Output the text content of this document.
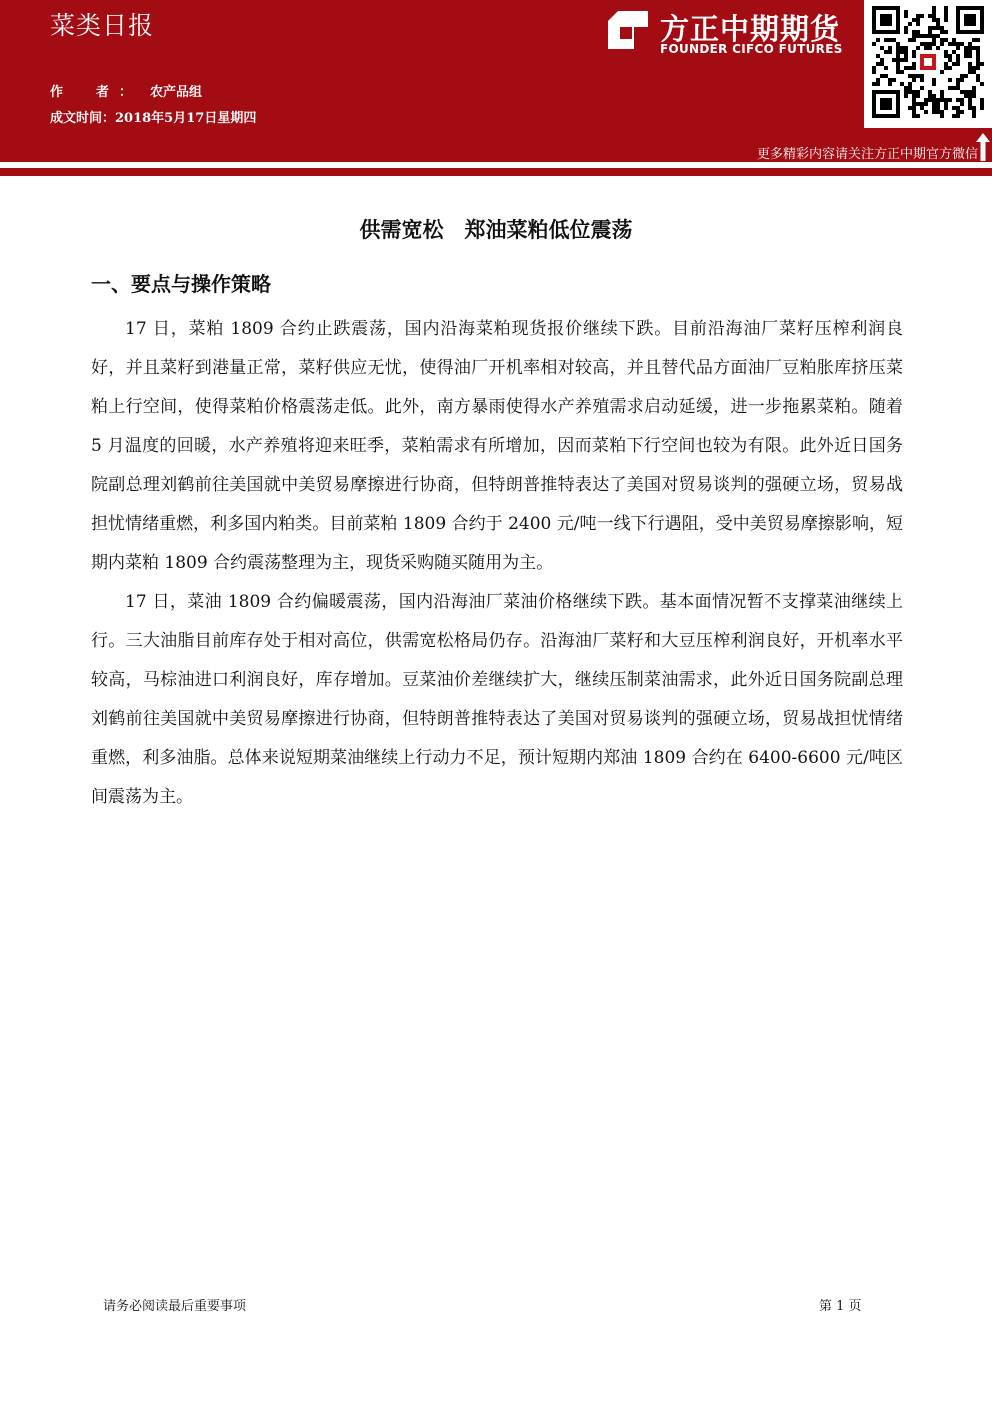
菜类日报
作　者： 农产品组
成文时间：2018年5月17日星期四
方正中期期货
FOUNDER CIFCO FUTURES
更多精彩内容请关注方正中期官方微信
供需宽松　郑油菜粕低位震荡
一、要点与操作策略

17 日，菜粕 1809 合约止跌震荡，国内沿海菜粕现货报价继续下跌。目前沿海油厂菜籽压榨利润良好，并且菜籽到港量正常，菜籽供应无忧，使得油厂开机率相对较高，并且替代品方面油厂豆粕胀库挤压菜粕上行空间，使得菜粕价格震荡走低。此外，南方暴雨使得水产养殖需求启动延缓，进一步拖累菜粕。随着 5 月温度的回暖，水产养殖将迎来旺季，菜粕需求有所增加，因而菜粕下行空间也较为有限。此外近日国务院副总理刘鹤前往美国就中美贸易摩擦进行协商，但特朗普推特表达了美国对贸易谈判的强硬立场，贸易战担忧情绪重燃，利多国内粕类。目前菜粕 1809 合约于 2400 元/吨一线下行遇阻，受中美贸易摩擦影响，短期内菜粕 1809 合约震荡整理为主，现货采购随买随用为主。

17 日，菜油 1809 合约偏暖震荡，国内沿海油厂菜油价格继续下跌。基本面情况暂不支撑菜油继续上行。三大油脂目前库存处于相对高位，供需宽松格局仍存。沿海油厂菜籽和大豆压榨利润良好，开机率水平较高，马棕油进口利润良好，库存增加。豆菜油价差继续扩大，继续压制菜油需求，此外近日国务院副总理刘鹤前往美国就中美贸易摩擦进行协商，但特朗普推特表达了美国对贸易谈判的强硬立场，贸易战担忧情绪重燃，利多油脂。总体来说短期菜油继续上行动力不足，预计短期内郑油 1809 合约在 6400-6600 元/吨区间震荡为主。

请务必阅读最后重要事项	第 1 页
